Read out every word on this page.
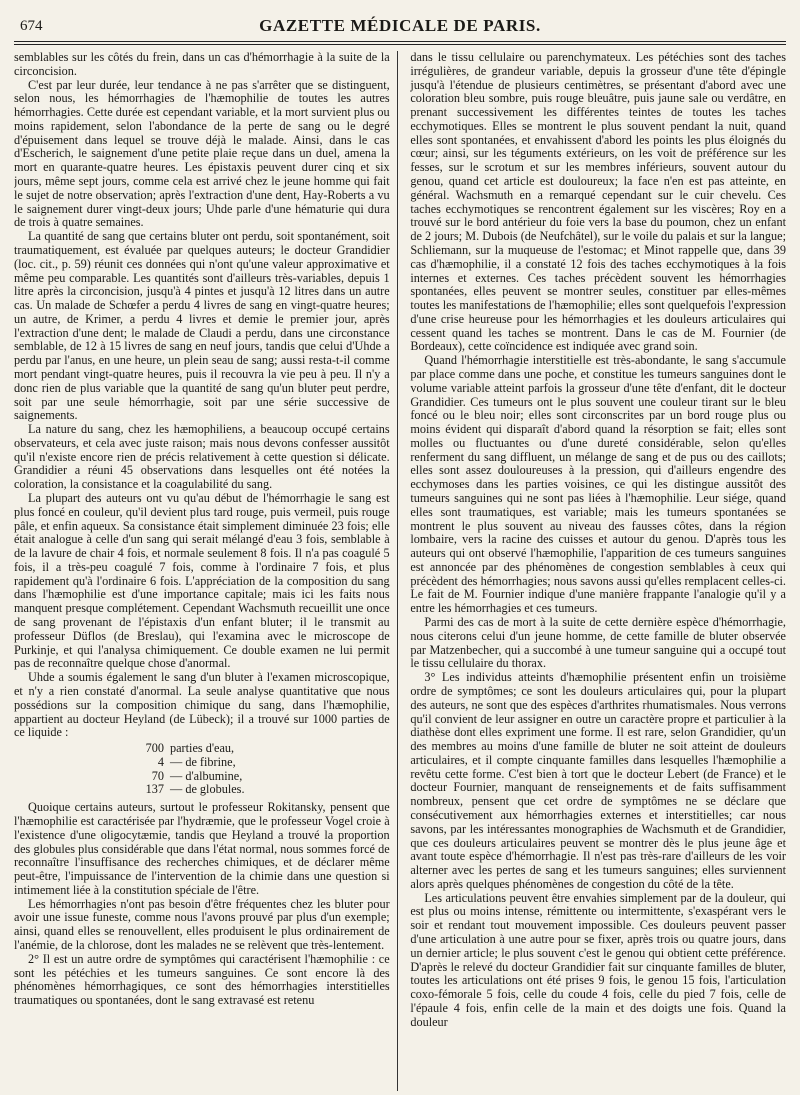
674	GAZETTE MÉDICALE DE PARIS.

semblables sur les côtés du frein, dans un cas d'hémorrhagie à la suite de la circoncision.

C'est par leur durée, leur tendance à ne pas s'arrêter que se distinguent, selon nous, les hémorrhagies de l'hæmophilie de toutes les autres hémorrhagies. Cette durée est cependant variable, et la mort survient plus ou moins rapidement, selon l'abondance de la perte de sang ou le degré d'épuisement dans lequel se trouve déjà le malade. Ainsi, dans le cas d'Escherich, le saignement d'une petite plaie reçue dans un duel, amena la mort en quarante-quatre heures. Les épistaxis peuvent durer cinq et six jours, même sept jours, comme cela est arrivé chez le jeune homme qui fait le sujet de notre observation; après l'extraction d'une dent, Hay-Roberts a vu le saignement durer vingt-deux jours; Uhde parle d'une hématurie qui dura de trois à quatre semaines.

La quantité de sang que certains bluter ont perdu, soit spontanément, soit traumatiquement, est évaluée par quelques auteurs; le docteur Grandidier (loc. cit., p. 59) réunit ces données qui n'ont qu'une valeur approximative et même peu comparable. Les quantités sont d'ailleurs très-variables, depuis 1 litre après la circoncision, jusqu'à 4 pintes et jusqu'à 12 litres dans un autre cas. Un malade de Schœfer a perdu 4 livres de sang en vingt-quatre heures; un autre, de Krimer, a perdu 4 livres et demie le premier jour, après l'extraction d'une dent; le malade de Claudi a perdu, dans une circonstance semblable, de 12 à 15 livres de sang en neuf jours, tandis que celui d'Uhde a perdu par l'anus, en une heure, un plein seau de sang; aussi resta-t-il comme mort pendant vingt-quatre heures, puis il recouvra la vie peu à peu. Il n'y a donc rien de plus variable que la quantité de sang qu'un bluter peut perdre, soit par une seule hémorrhagie, soit par une série successive de saignements.

La nature du sang, chez les hæmophiliens, a beaucoup occupé certains observateurs, et cela avec juste raison; mais nous devons confesser aussitôt qu'il n'existe encore rien de précis relativement à cette question si délicate. Grandidier a réuni 45 observations dans lesquelles ont été notées la coloration, la consistance et la coagulabilité du sang.

La plupart des auteurs ont vu qu'au début de l'hémorrhagie le sang est plus foncé en couleur, qu'il devient plus tard rouge, puis vermeil, puis rouge pâle, et enfin aqueux. Sa consistance était simplement diminuée 23 fois; elle était analogue à celle d'un sang qui serait mélangé d'eau 3 fois, semblable à de la lavure de chair 4 fois, et normale seulement 8 fois. Il n'a pas coagulé 5 fois, il a très-peu coagulé 7 fois, comme à l'ordinaire 7 fois, et plus rapidement qu'à l'ordinaire 6 fois. L'appréciation de la composition du sang dans l'hæmophilie est d'une importance capitale; mais ici les faits nous manquent presque complétement. Cependant Wachsmuth recueillit une once de sang provenant de l'épistaxis d'un enfant bluter; il le transmit au professeur Düflos (de Breslau), qui l'examina avec le microscope de Purkinje, et qui l'analysa chimiquement. Ce double examen ne lui permit pas de reconnaître quelque chose d'anormal.

Uhde a soumis également le sang d'un bluter à l'examen microscopique, et n'y a rien constaté d'anormal. La seule analyse quantitative que nous possédions sur la composition chimique du sang, dans l'hæmophilie, appartient au docteur Heyland (de Lübeck); il a trouvé sur 1000 parties de ce liquide :

700 parties d'eau,
4 — de fibrine,
70 — d'albumine,
137 — de globules.

Quoique certains auteurs, surtout le professeur Rokitansky, pensent que l'hæmophilie est caractérisée par l'hydræmie, que le professeur Vogel croie à l'existence d'une oligocytæmie, tandis que Heyland a trouvé la proportion des globules plus considérable que dans l'état normal, nous sommes forcé de reconnaître l'insuffisance des recherches chimiques, et de déclarer même peut-être, l'impuissance de l'intervention de la chimie dans une question si intimement liée à la constitution spéciale de l'être.

Les hémorrhagies n'ont pas besoin d'être fréquentes chez les bluter pour avoir une issue funeste, comme nous l'avons prouvé par plus d'un exemple; ainsi, quand elles se renouvellent, elles produisent le plus ordinairement de l'anémie, de la chlorose, dont les malades ne se relèvent que très-lentement.

2° Il est un autre ordre de symptômes qui caractérisent l'hæmophilie : ce sont les pétéchies et les tumeurs sanguines. Ce sont encore là des phénomènes hémorrhagiques, ce sont des hémorrhagies interstitielles traumatiques ou spontanées, dont le sang extravasé est retenu

dans le tissu cellulaire ou parenchymateux. Les pétéchies sont des taches irrégulières, de grandeur variable, depuis la grosseur d'une tête d'épingle jusqu'à l'étendue de plusieurs centimètres, se présentant d'abord avec une coloration bleu sombre, puis rouge bleuâtre, puis jaune sale ou verdâtre, en prenant successivement les différentes teintes de toutes les taches ecchymotiques. Elles se montrent le plus souvent pendant la nuit, quand elles sont spontanées, et envahissent d'abord les points les plus éloignés du cœur; ainsi, sur les téguments extérieurs, on les voit de préférence sur les fesses, sur le scrotum et sur les membres inférieurs, souvent autour du genou, quand cet article est douloureux; la face n'en est pas atteinte, en général. Wachsmuth en a remarqué cependant sur le cuir chevelu. Ces taches ecchymotiques se rencontrent également sur les viscères; Roy en a trouvé sur le bord antérieur du foie vers la base du poumon, chez un enfant de 2 jours; M. Dubois (de Neufchâtel), sur le voile du palais et sur la langue; Schliemann, sur la muqueuse de l'estomac; et Minot rappelle que, dans 39 cas d'hæmophilie, il a constaté 12 fois des taches ecchymotiques à la fois internes et externes. Ces taches précèdent souvent les hémorrhagies spontanées, elles peuvent se montrer seules, constituer par elles-mêmes toutes les manifestations de l'hæmophilie; elles sont quelquefois l'expression d'une crise heureuse pour les hémorrhagies et les douleurs articulaires qui cessent quand les taches se montrent. Dans le cas de M. Fournier (de Bordeaux), cette coïncidence est indiquée avec grand soin.

Quand l'hémorrhagie interstitielle est très-abondante, le sang s'accumule par place comme dans une poche, et constitue les tumeurs sanguines dont le volume variable atteint parfois la grosseur d'une tête d'enfant, dit le docteur Grandidier. Ces tumeurs ont le plus souvent une couleur tirant sur le bleu foncé ou le bleu noir; elles sont circonscrites par un bord rouge plus ou moins évident qui disparaît d'abord quand la résorption se fait; elles sont molles ou fluctuantes ou d'une dureté considérable, selon qu'elles renferment du sang diffluent, un mélange de sang et de pus ou des caillots; elles sont assez douloureuses à la pression, qui d'ailleurs engendre des ecchymoses dans les parties voisines, ce qui les distingue aussitôt des tumeurs sanguines qui ne sont pas liées à l'hæmophilie. Leur siége, quand elles sont traumatiques, est variable; mais les tumeurs spontanées se montrent le plus souvent au niveau des fausses côtes, dans la région lombaire, vers la racine des cuisses et autour du genou. D'après tous les auteurs qui ont observé l'hæmophilie, l'apparition de ces tumeurs sanguines est annoncée par des phénomènes de congestion semblables à ceux qui précèdent des hémorrhagies; nous savons aussi qu'elles remplacent celles-ci. Le fait de M. Fournier indique d'une manière frappante l'analogie qu'il y a entre les hémorrhagies et ces tumeurs.

Parmi des cas de mort à la suite de cette dernière espèce d'hémorrhagie, nous citerons celui d'un jeune homme, de cette famille de bluter observée par Matzenbecher, qui a succombé à une tumeur sanguine qui a occupé tout le tissu cellulaire du thorax.

3° Les individus atteints d'hæmophilie présentent enfin un troisième ordre de symptômes; ce sont les douleurs articulaires qui, pour la plupart des auteurs, ne sont que des espèces d'arthrites rhumatismales. Nous verrons qu'il convient de leur assigner en outre un caractère propre et particulier à la diathèse dont elles expriment une forme. Il est rare, selon Grandidier, qu'un des membres au moins d'une famille de bluter ne soit atteint de douleurs articulaires, et il compte cinquante familles dans lesquelles l'hæmophilie a revêtu cette forme. C'est bien à tort que le docteur Lebert (de France) et le docteur Fournier, manquant de renseignements et de faits suffisamment nombreux, pensent que cet ordre de symptômes ne se déclare que consécutivement aux hémorrhagies externes et interstitielles; car nous savons, par les intéressantes monographies de Wachsmuth et de Grandidier, que ces douleurs articulaires peuvent se montrer dès le plus jeune âge et avant toute espèce d'hémorrhagie. Il n'est pas très-rare d'ailleurs de les voir alterner avec les pertes de sang et les tumeurs sanguines; elles surviennent alors après quelques phénomènes de congestion du côté de la tête.

Les articulations peuvent être envahies simplement par de la douleur, qui est plus ou moins intense, rémittente ou intermittente, s'exaspérant vers le soir et rendant tout mouvement impossible. Ces douleurs peuvent passer d'une articulation à une autre pour se fixer, après trois ou quatre jours, dans un dernier article; le plus souvent c'est le genou qui obtient cette préférence. D'après le relevé du docteur Grandidier fait sur cinquante familles de bluter, toutes les articulations ont été prises 9 fois, le genou 15 fois, l'articulation coxo-fémorale 5 fois, celle du coude 4 fois, celle du pied 7 fois, celle de l'épaule 4 fois, enfin celle de la main et des doigts une fois. Quand la douleur
